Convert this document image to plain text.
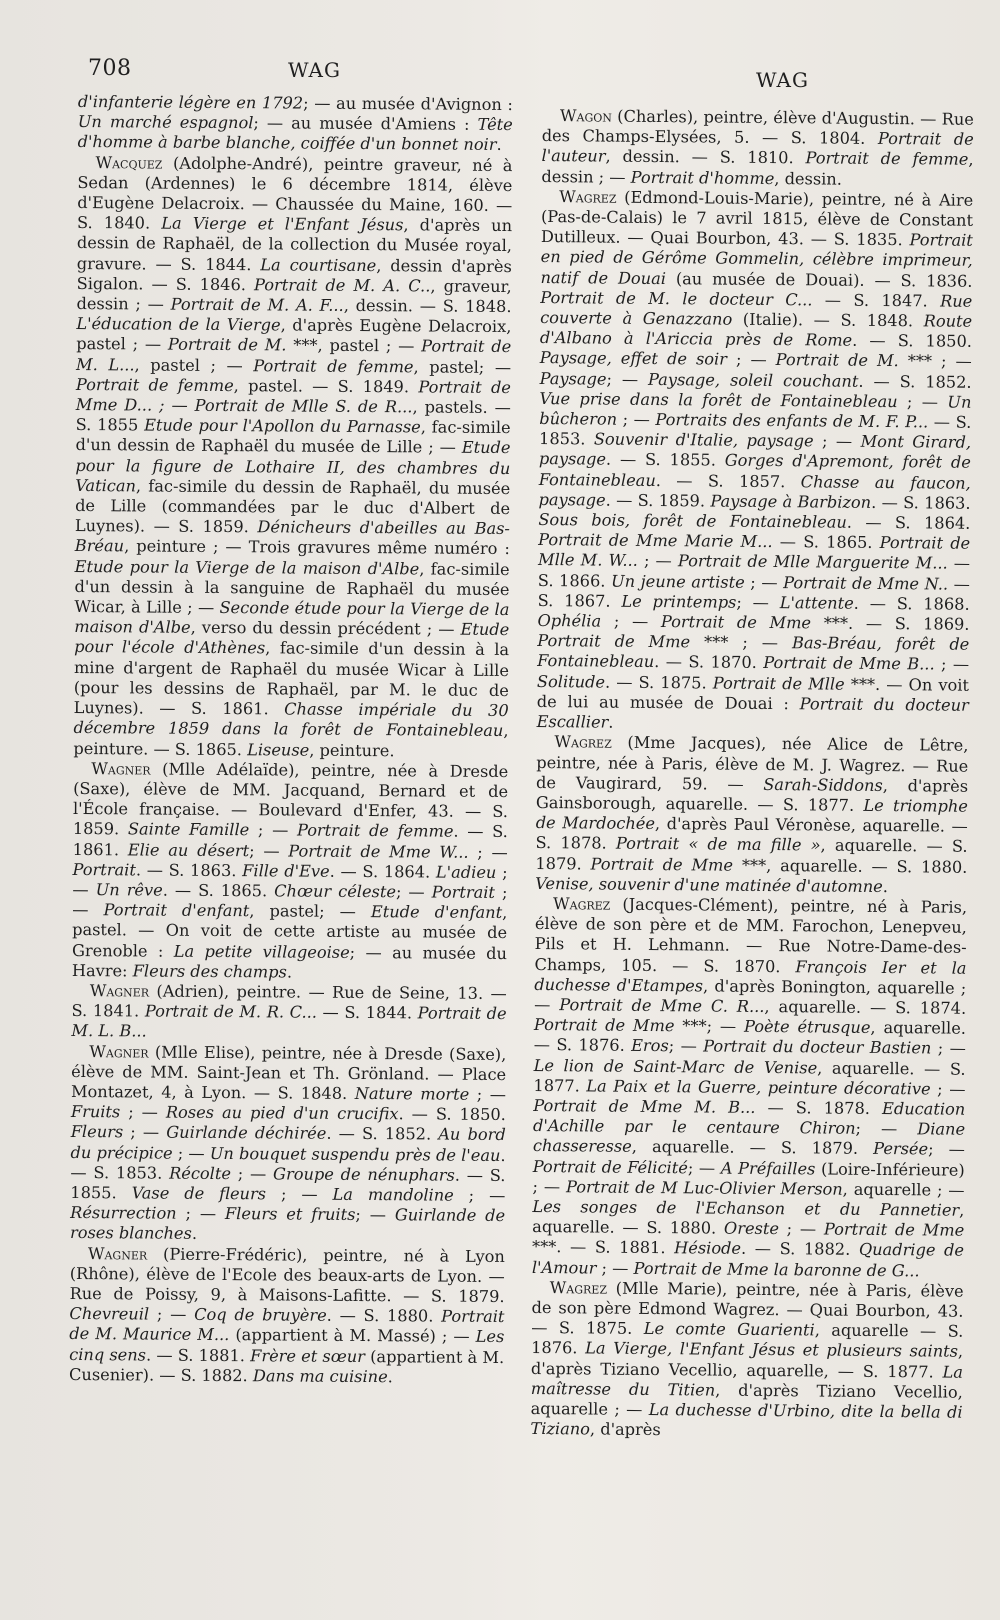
708	WAG	WAG

d'infanterie légère en 1792; — au musée d'Avignon : Un marché espagnol; — au musée d'Amiens : Tête d'homme à barbe blanche, coiffée d'un bonnet noir.

Wacquez (Adolphe-André), peintre graveur, né à Sedan (Ardennes) le 6 décembre 1814, élève d'Eugène Delacroix. — Chaussée du Maine, 160. — S. 1840. La Vierge et l'Enfant Jésus, d'après un dessin de Raphaël, de la collection du Musée royal, gravure. — S. 1844. La courtisane, dessin d'après Sigalon. — S. 1846. Portrait de M. A. C.., graveur, dessin ; — Portrait de M. A. F..., dessin. — S. 1848. L'éducation de la Vierge, d'après Eugène Delacroix, pastel ; — Portrait de M. ***, pastel ; — Portrait de M. L..., pastel ; — Portrait de femme, pastel; — Portrait de femme, pastel. — S. 1849. Portrait de Mme D... ; — Portrait de Mlle S. de R..., pastels. — S. 1855 Etude pour l'Apollon du Parnasse, fac-simile d'un dessin de Raphaël du musée de Lille ; — Etude pour la figure de Lothaire II, des chambres du Vatican, fac-simile du dessin de Raphaël, du musée de Lille (commandées par le duc d'Albert de Luynes). — S. 1859. Dénicheurs d'abeilles au Bas-Bréau, peinture ; — Trois gravures même numéro : Etude pour la Vierge de la maison d'Albe, fac-simile d'un dessin à la sanguine de Raphaël du musée Wicar, à Lille ; — Seconde étude pour la Vierge de la maison d'Albe, verso du dessin précédent ; — Etude pour l'école d'Athènes, fac-simile d'un dessin à la mine d'argent de Raphaël du musée Wicar à Lille (pour les dessins de Raphaël, par M. le duc de Luynes). — S. 1861. Chasse impériale du 30 décembre 1859 dans la forêt de Fontainebleau, peinture. — S. 1865. Liseuse, peinture.

Wagner (Mlle Adélaïde), peintre, née à Dresde (Saxe), élève de MM. Jacquand, Bernard et de l'École française. — Boulevard d'Enfer, 43. — S. 1859. Sainte Famille ; — Portrait de femme. — S. 1861. Elie au désert; — Portrait de Mme W... ; — Portrait. — S. 1863. Fille d'Eve. — S. 1864. L'adieu ; — Un rêve. — S. 1865. Chœur céleste; — Portrait ; — Portrait d'enfant, pastel; — Etude d'enfant, pastel. — On voit de cette artiste au musée de Grenoble : La petite villageoise; — au musée du Havre: Fleurs des champs.

Wagner (Adrien), peintre. — Rue de Seine, 13. — S. 1841. Portrait de M. R. C... — S. 1844. Portrait de M. L. B...

Wagner (Mlle Elise), peintre, née à Dresde (Saxe), élève de MM. Saint-Jean et Th. Grönland. — Place Montazet, 4, à Lyon. — S. 1848. Nature morte ; — Fruits ; — Roses au pied d'un crucifix. — S. 1850. Fleurs ; — Guirlande déchirée. — S. 1852. Au bord du précipice ; — Un bouquet suspendu près de l'eau. — S. 1853. Récolte ; — Groupe de nénuphars. — S. 1855. Vase de fleurs ; — La mandoline ; — Résurrection ; — Fleurs et fruits; — Guirlande de roses blanches.

Wagner (Pierre-Frédéric), peintre, né à Lyon (Rhône), élève de l'Ecole des beaux-arts de Lyon. — Rue de Poissy, 9, à Maisons-Lafitte. — S. 1879. Chevreuil ; — Coq de bruyère. — S. 1880. Portrait de M. Maurice M... (appartient à M. Massé) ; — Les cinq sens. — S. 1881. Frère et sœur (appartient à M. Cusenier). — S. 1882. Dans ma cuisine.

Wagon (Charles), peintre, élève d'Augustin. — Rue des Champs-Elysées, 5. — S. 1804. Portrait de l'auteur, dessin. — S. 1810. Portrait de femme, dessin ; — Portrait d'homme, dessin.

Wagrez (Edmond-Louis-Marie), peintre, né à Aire (Pas-de-Calais) le 7 avril 1815, élève de Constant Dutilleux. — Quai Bourbon, 43. — S. 1835. Portrait en pied de Gérôme Gommelin, célèbre imprimeur, natif de Douai (au musée de Douai). — S. 1836. Portrait de M. le docteur C... — S. 1847. Rue couverte à Genazzano (Italie). — S. 1848. Route d'Albano à l'Ariccia près de Rome. — S. 1850. Paysage, effet de soir ; — Portrait de M. *** ; — Paysage; — Paysage, soleil couchant. — S. 1852. Vue prise dans la forêt de Fontainebleau ; — Un bûcheron ; — Portraits des enfants de M. F. P... — S. 1853. Souvenir d'Italie, paysage ; — Mont Girard, paysage. — S. 1855. Gorges d'Apremont, forêt de Fontainebleau. — S. 1857. Chasse au faucon, paysage. — S. 1859. Paysage à Barbizon. — S. 1863. Sous bois, forêt de Fontainebleau. — S. 1864. Portrait de Mme Marie M... — S. 1865. Portrait de Mlle M. W... ; — Portrait de Mlle Marguerite M... — S. 1866. Un jeune artiste ; — Portrait de Mme N.. — S. 1867. Le printemps; — L'attente. — S. 1868. Ophélia ; — Portrait de Mme ***. — S. 1869. Portrait de Mme *** ; — Bas-Bréau, forêt de Fontainebleau. — S. 1870. Portrait de Mme B... ; — Solitude. — S. 1875. Portrait de Mlle ***. — On voit de lui au musée de Douai : Portrait du docteur Escallier.

Wagrez (Mme Jacques), née Alice de Lêtre, peintre, née à Paris, élève de M. J. Wagrez. — Rue de Vaugirard, 59. — Sarah-Siddons, d'après Gainsborough, aquarelle. — S. 1877. Le triomphe de Mardochée, d'après Paul Véronèse, aquarelle. — S. 1878. Portrait « de ma fille », aquarelle. — S. 1879. Portrait de Mme ***, aquarelle. — S. 1880. Venise, souvenir d'une matinée d'automne.

Wagrez (Jacques-Clément), peintre, né à Paris, élève de son père et de MM. Farochon, Lenepveu, Pils et H. Lehmann. — Rue Notre-Dame-des-Champs, 105. — S. 1870. François Ier et la duchesse d'Etampes, d'après Bonington, aquarelle ; — Portrait de Mme C. R..., aquarelle. — S. 1874. Portrait de Mme ***; — Poète étrusque, aquarelle. — S. 1876. Eros; — Portrait du docteur Bastien ; — Le lion de Saint-Marc de Venise, aquarelle. — S. 1877. La Paix et la Guerre, peinture décorative ; — Portrait de Mme M. B... — S. 1878. Education d'Achille par le centaure Chiron; — Diane chasseresse, aquarelle. — S. 1879. Persée; — Portrait de Félicité; — A Préfailles (Loire-Inférieure) ; — Portrait de M Luc-Olivier Merson, aquarelle ; — Les songes de l'Echanson et du Pannetier, aquarelle. — S. 1880. Oreste ; — Portrait de Mme ***. — S. 1881. Hésiode. — S. 1882. Quadrige de l'Amour ; — Portrait de Mme la baronne de G...

Wagrez (Mlle Marie), peintre, née à Paris, élève de son père Edmond Wagrez. — Quai Bourbon, 43. — S. 1875. Le comte Guarienti, aquarelle — S. 1876. La Vierge, l'Enfant Jésus et plusieurs saints, d'après Tiziano Vecellio, aquarelle, — S. 1877. La maîtresse du Titien, d'après Tiziano Vecellio, aquarelle ; — La duchesse d'Urbino, dite la bella di Tiziano, d'après
